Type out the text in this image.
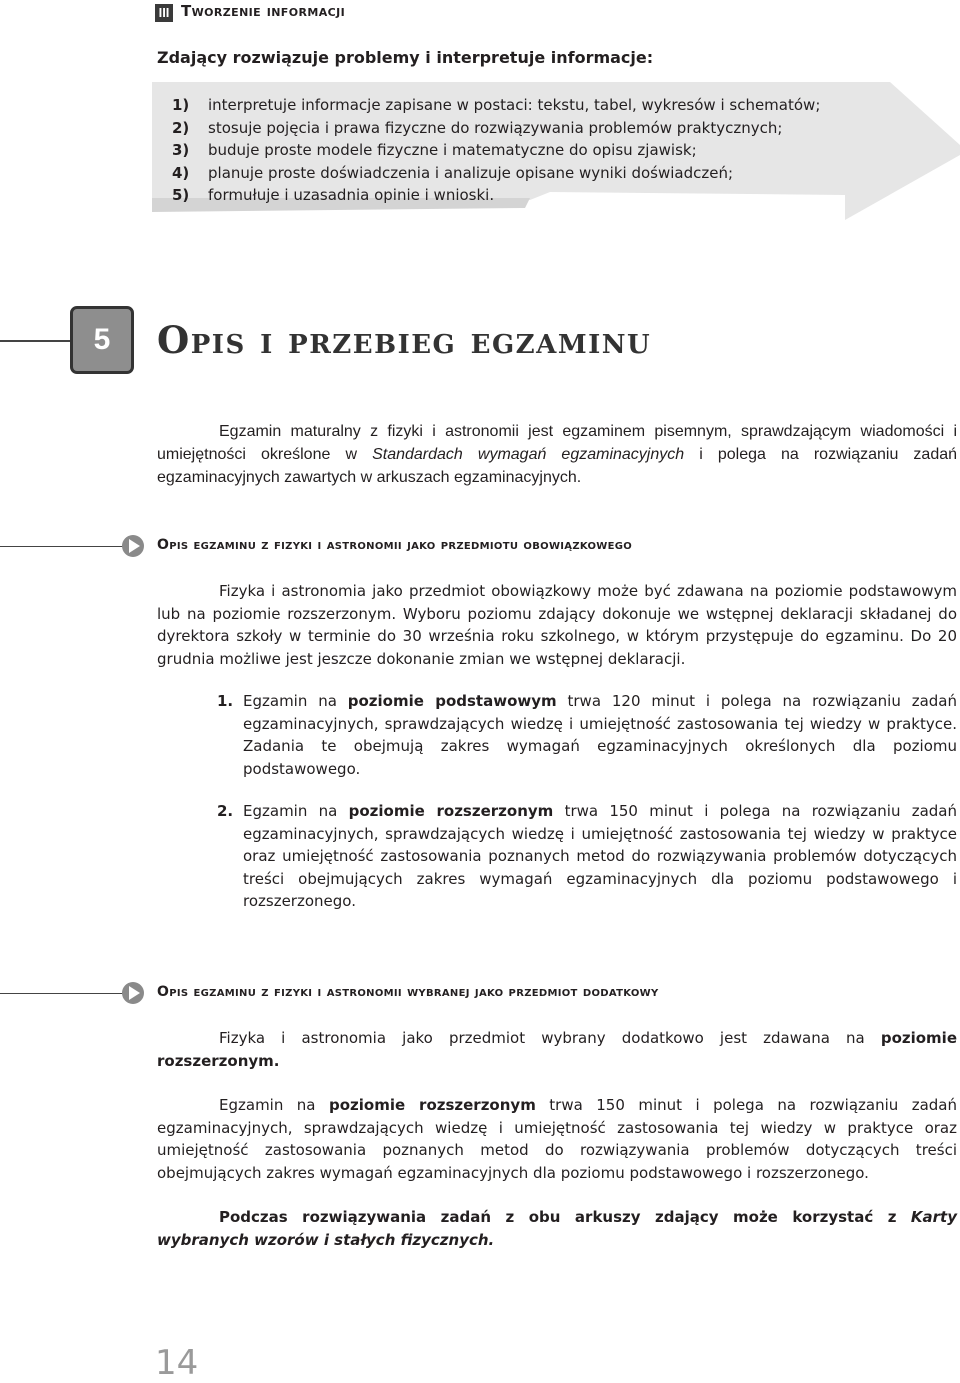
III Tworzenie informacji
Zdający rozwiązuje problemy i interpretuje informacje:
1) interpretuje informacje zapisane w postaci: tekstu, tabel, wykresów i schematów;
2) stosuje pojęcia i prawa fizyczne do rozwiązywania problemów praktycznych;
3) buduje proste modele fizyczne i matematyczne do opisu zjawisk;
4) planuje proste doświadczenia i analizuje opisane wyniki doświadczeń;
5) formułuje i uzasadnia opinie i wnioski.
5	Opis i przebieg egzaminu

Egzamin maturalny z fizyki i astronomii jest egzaminem pisemnym, sprawdzającym wiadomości i umiejętności określone w Standardach wymagań egzaminacyjnych i polega na rozwiązaniu zadań egzaminacyjnych zawartych w arkuszach egzaminacyjnych.

Opis egzaminu z fizyki i astronomii jako przedmiotu obowiązkowego

Fizyka i astronomia jako przedmiot obowiązkowy może być zdawana na poziomie podstawowym lub na poziomie rozszerzonym. Wyboru poziomu zdający dokonuje we wstępnej deklaracji składanej do dyrektora szkoły w terminie do 30 września roku szkolnego, w którym przystępuje do egzaminu. Do 20 grudnia możliwe jest jeszcze dokonanie zmian we wstępnej deklaracji.

1. Egzamin na poziomie podstawowym trwa 120 minut i polega na rozwiązaniu zadań egzaminacyjnych, sprawdzających wiedzę i umiejętność zastosowania tej wiedzy w praktyce. Zadania te obejmują zakres wymagań egzaminacyjnych określonych dla poziomu podstawowego.

2. Egzamin na poziomie rozszerzonym trwa 150 minut i polega na rozwiązaniu zadań egzaminacyjnych, sprawdzających wiedzę i umiejętność zastosowania tej wiedzy w praktyce oraz umiejętność zastosowania poznanych metod do rozwiązywania problemów dotyczących treści obejmujących zakres wymagań egzaminacyjnych dla poziomu podstawowego i rozszerzonego.

Opis egzaminu z fizyki i astronomii wybranej jako przedmiot dodatkowy

Fizyka i astronomia jako przedmiot wybrany dodatkowo jest zdawana na poziomie rozszerzonym.

Egzamin na poziomie rozszerzonym trwa 150 minut i polega na rozwiązaniu zadań egzaminacyjnych, sprawdzających wiedzę i umiejętność zastosowania tej wiedzy w praktyce oraz umiejętność zastosowania poznanych metod do rozwiązywania problemów dotyczących treści obejmujących zakres wymagań egzaminacyjnych dla poziomu podstawowego i rozszerzonego.

Podczas rozwiązywania zadań z obu arkuszy zdający może korzystać z Karty wybranych wzorów i stałych fizycznych.

14
